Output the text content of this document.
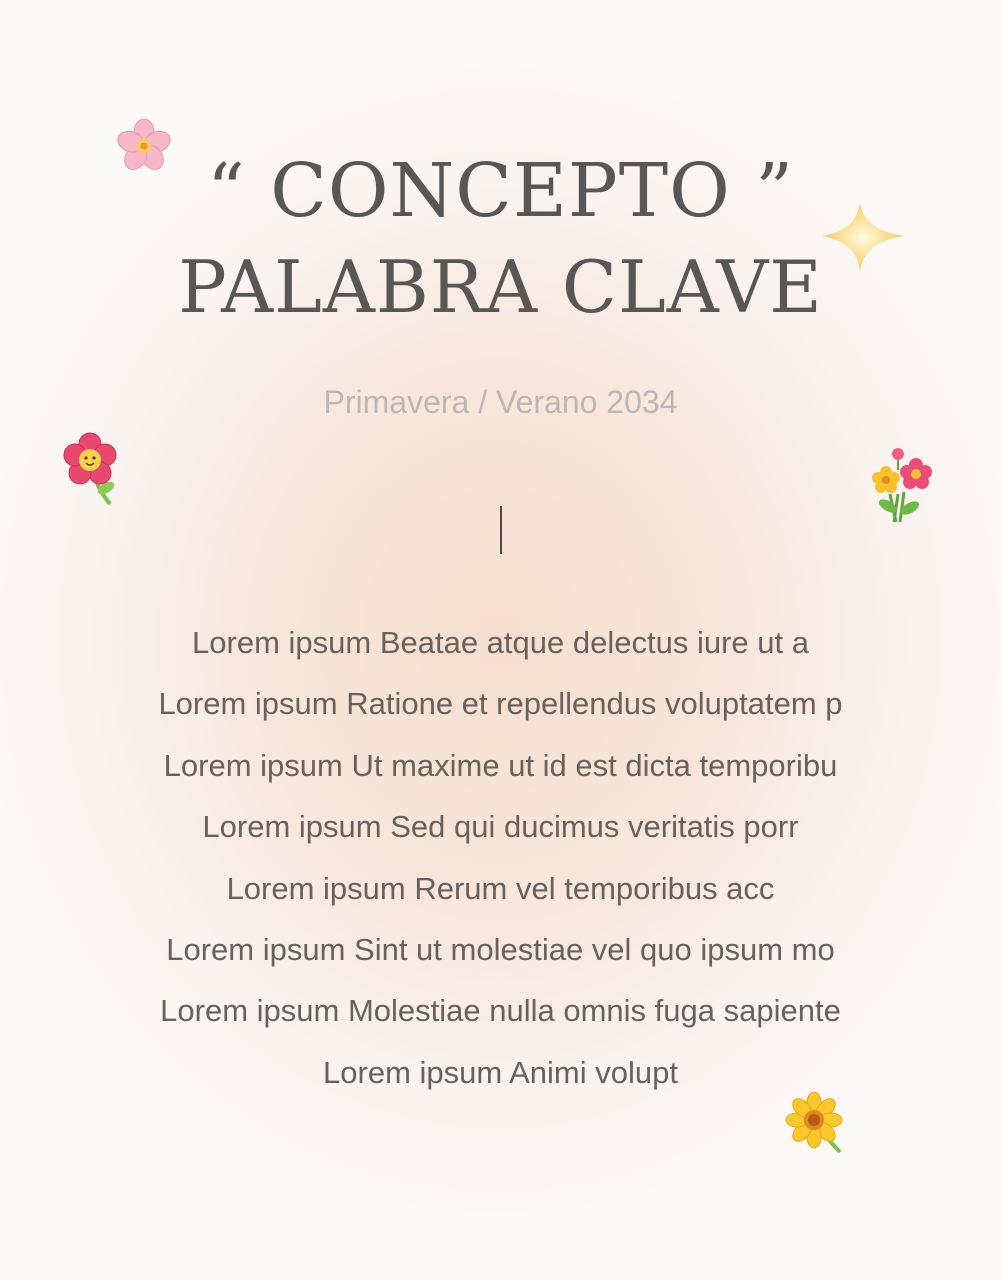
“ CONCEPTO ”
PALABRA CLAVE
Primavera / Verano 2034
Lorem ipsum Beatae atque delectus iure ut a
Lorem ipsum Ratione et repellendus voluptatem p
Lorem ipsum Ut maxime ut id est dicta temporibu
Lorem ipsum Sed qui ducimus veritatis porr
Lorem ipsum Rerum vel temporibus acc
Lorem ipsum Sint ut molestiae vel quo ipsum mo
Lorem ipsum Molestiae nulla omnis fuga sapiente
Lorem ipsum Animi volupt
